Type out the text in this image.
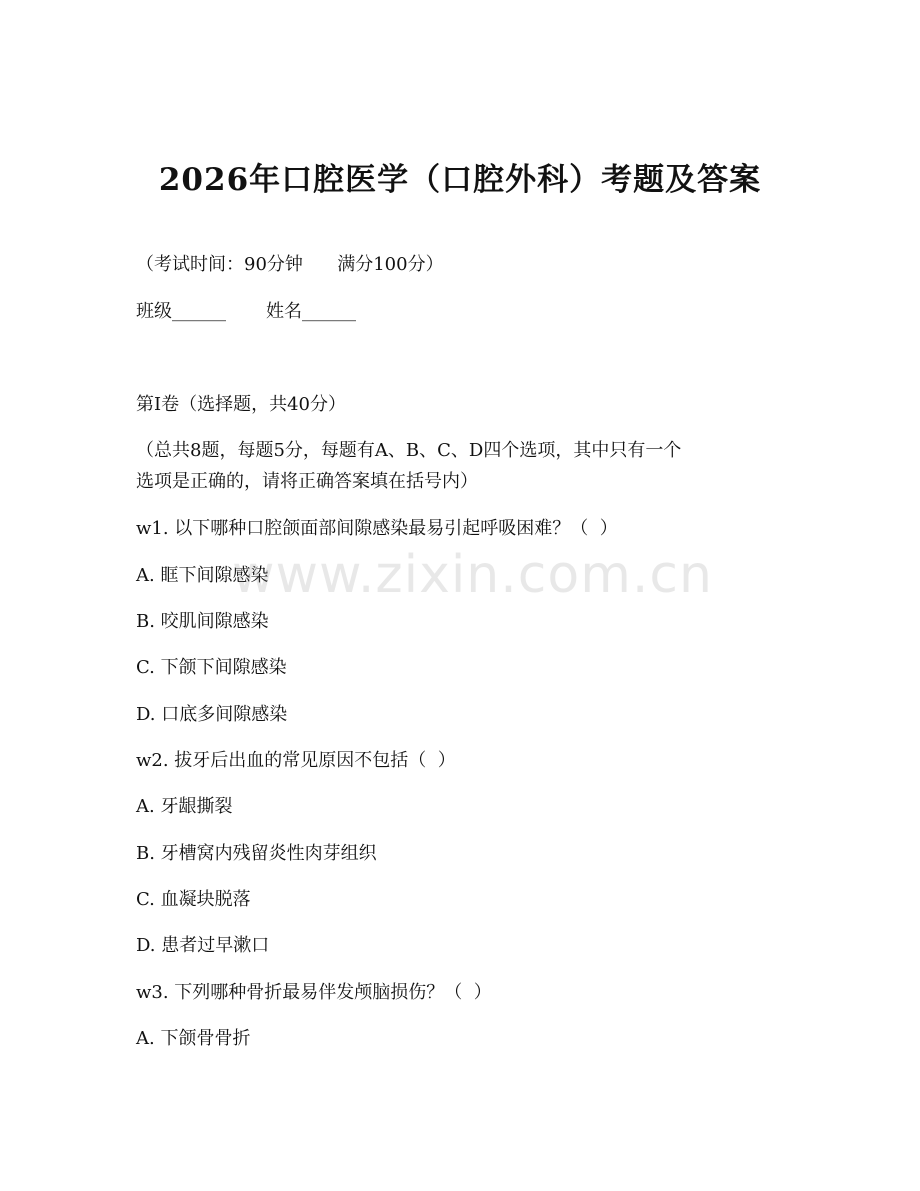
2026年口腔医学（口腔外科）考题及答案
（考试时间：90分钟      满分100分）
班级______       姓名______
第I卷（选择题，共40分）
（总共8题，每题5分，每题有A、B、C、D四个选项，其中只有一个
选项是正确的，请将正确答案填在括号内）
w1. 以下哪种口腔颌面部间隙感染最易引起呼吸困难？（  ）
A. 眶下间隙感染
B. 咬肌间隙感染
C. 下颌下间隙感染
D. 口底多间隙感染
w2. 拔牙后出血的常见原因不包括（  ）
A. 牙龈撕裂
B. 牙槽窝内残留炎性肉芽组织
C. 血凝块脱落
D. 患者过早漱口
w3. 下列哪种骨折最易伴发颅脑损伤？（  ）
A. 下颌骨骨折
www.zixin.com.cn
